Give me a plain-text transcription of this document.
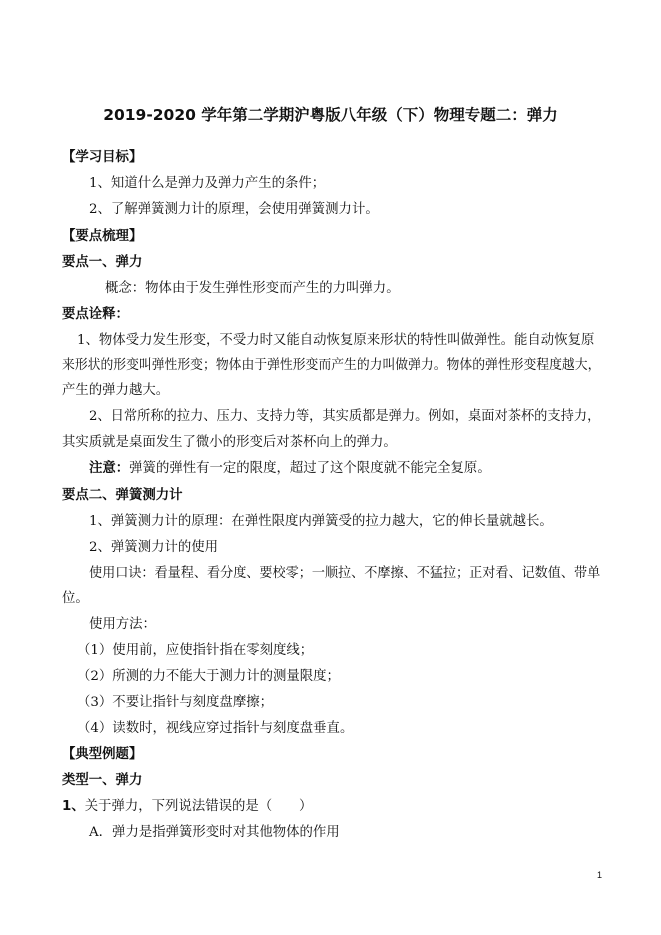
2019-2020 学年第二学期沪粤版八年级（下）物理专题二：弹力
【学习目标】
1、知道什么是弹力及弹力产生的条件；
2、了解弹簧测力计的原理，会使用弹簧测力计。
【要点梳理】
要点一、弹力
概念：物体由于发生弹性形变而产生的力叫弹力。
要点诠释：
1、物体受力发生形变，不受力时又能自动恢复原来形状的特性叫做弹性。能自动恢复原
来形状的形变叫弹性形变；物体由于弹性形变而产生的力叫做弹力。物体的弹性形变程度越大，
产生的弹力越大。
2、日常所称的拉力、压力、支持力等，其实质都是弹力。例如，桌面对茶杯的支持力，
其实质就是桌面发生了微小的形变后对茶杯向上的弹力。
注意：弹簧的弹性有一定的限度，超过了这个限度就不能完全复原。
要点二、弹簧测力计
1、弹簧测力计的原理：在弹性限度内弹簧受的拉力越大，它的伸长量就越长。
2、弹簧测力计的使用
使用口诀：看量程、看分度、要校零；一顺拉、不摩擦、不猛拉；正对看、记数值、带单
位。
使用方法：
（1）使用前，应使指针指在零刻度线；
（2）所测的力不能大于测力计的测量限度；
（3）不要让指针与刻度盘摩擦；
（4）读数时，视线应穿过指针与刻度盘垂直。
【典型例题】
类型一、弹力
1、关于弹力，下列说法错误的是（　　）
A．弹力是指弹簧形变时对其他物体的作用
1
